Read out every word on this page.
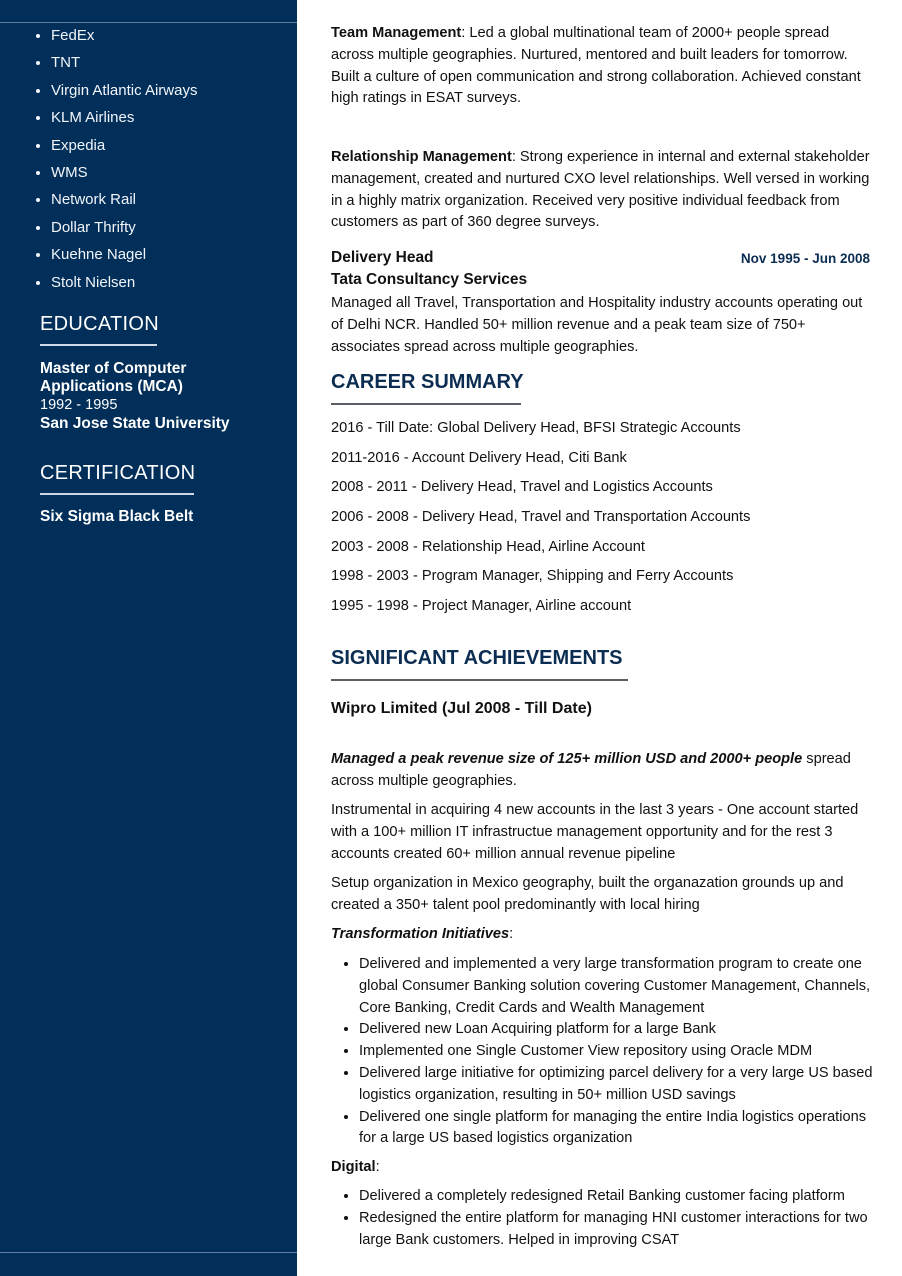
• FedEx
• TNT
• Virgin Atlantic Airways
• KLM Airlines
• Expedia
• WMS
• Network Rail
• Dollar Thrifty
• Kuehne Nagel
• Stolt Nielsen
EDUCATION
Master of Computer Applications (MCA)
1992 - 1995
San Jose State University
CERTIFICATION
Six Sigma Black Belt

Team Management: Led a global multinational team of 2000+ people spread across multiple geographies. Nurtured, mentored and built leaders for tomorrow. Built a culture of open communication and strong collaboration. Achieved constant high ratings in ESAT surveys.

Relationship Management: Strong experience in internal and external stakeholder management, created and nurtured CXO level relationships. Well versed in working in a highly matrix organization. Received very positive individual feedback from customers as part of 360 degree surveys.

Delivery Head	Nov 1995 - Jun 2008
Tata Consultancy Services

Managed all Travel, Transportation and Hospitality industry accounts operating out of Delhi NCR. Handled 50+ million revenue and a peak team size of 750+ associates spread across multiple geographies.

CAREER SUMMARY
2016 - Till Date: Global Delivery Head, BFSI Strategic Accounts
2011-2016 - Account Delivery Head, Citi Bank
2008 - 2011 - Delivery Head, Travel and Logistics Accounts
2006 - 2008 - Delivery Head, Travel and Transportation Accounts
2003 - 2008 - Relationship Head, Airline Account
1998 - 2003 - Program Manager, Shipping and Ferry Accounts
1995 - 1998 - Project Manager, Airline account
SIGNIFICANT ACHIEVEMENTS
Wipro Limited (Jul 2008 - Till Date)

Managed a peak revenue size of 125+ million USD and 2000+ people spread across multiple geographies.

Instrumental in acquiring 4 new accounts in the last 3 years - One account started with a 100+ million IT infrastructue management opportunity and for the rest 3 accounts created 60+ million annual revenue pipeline

Setup organization in Mexico geography, built the organazation grounds up and created a 350+ talent pool predominantly with local hiring

Transformation Initiatives:

• Delivered and implemented a very large transformation program to create one global Consumer Banking solution covering Customer Management, Channels, Core Banking, Credit Cards and Wealth Management
• Delivered new Loan Acquiring platform for a large Bank
• Implemented one Single Customer View repository using Oracle MDM
• Delivered large initiative for optimizing parcel delivery for a very large US based logistics organization, resulting in 50+ million USD savings
• Delivered one single platform for managing the entire India logistics operations for a large US based logistics organization

Digital:

• Delivered a completely redesigned Retail Banking customer facing platform
• Redesigned the entire platform for managing HNI customer interactions for two large Bank customers. Helped in improving CSAT
